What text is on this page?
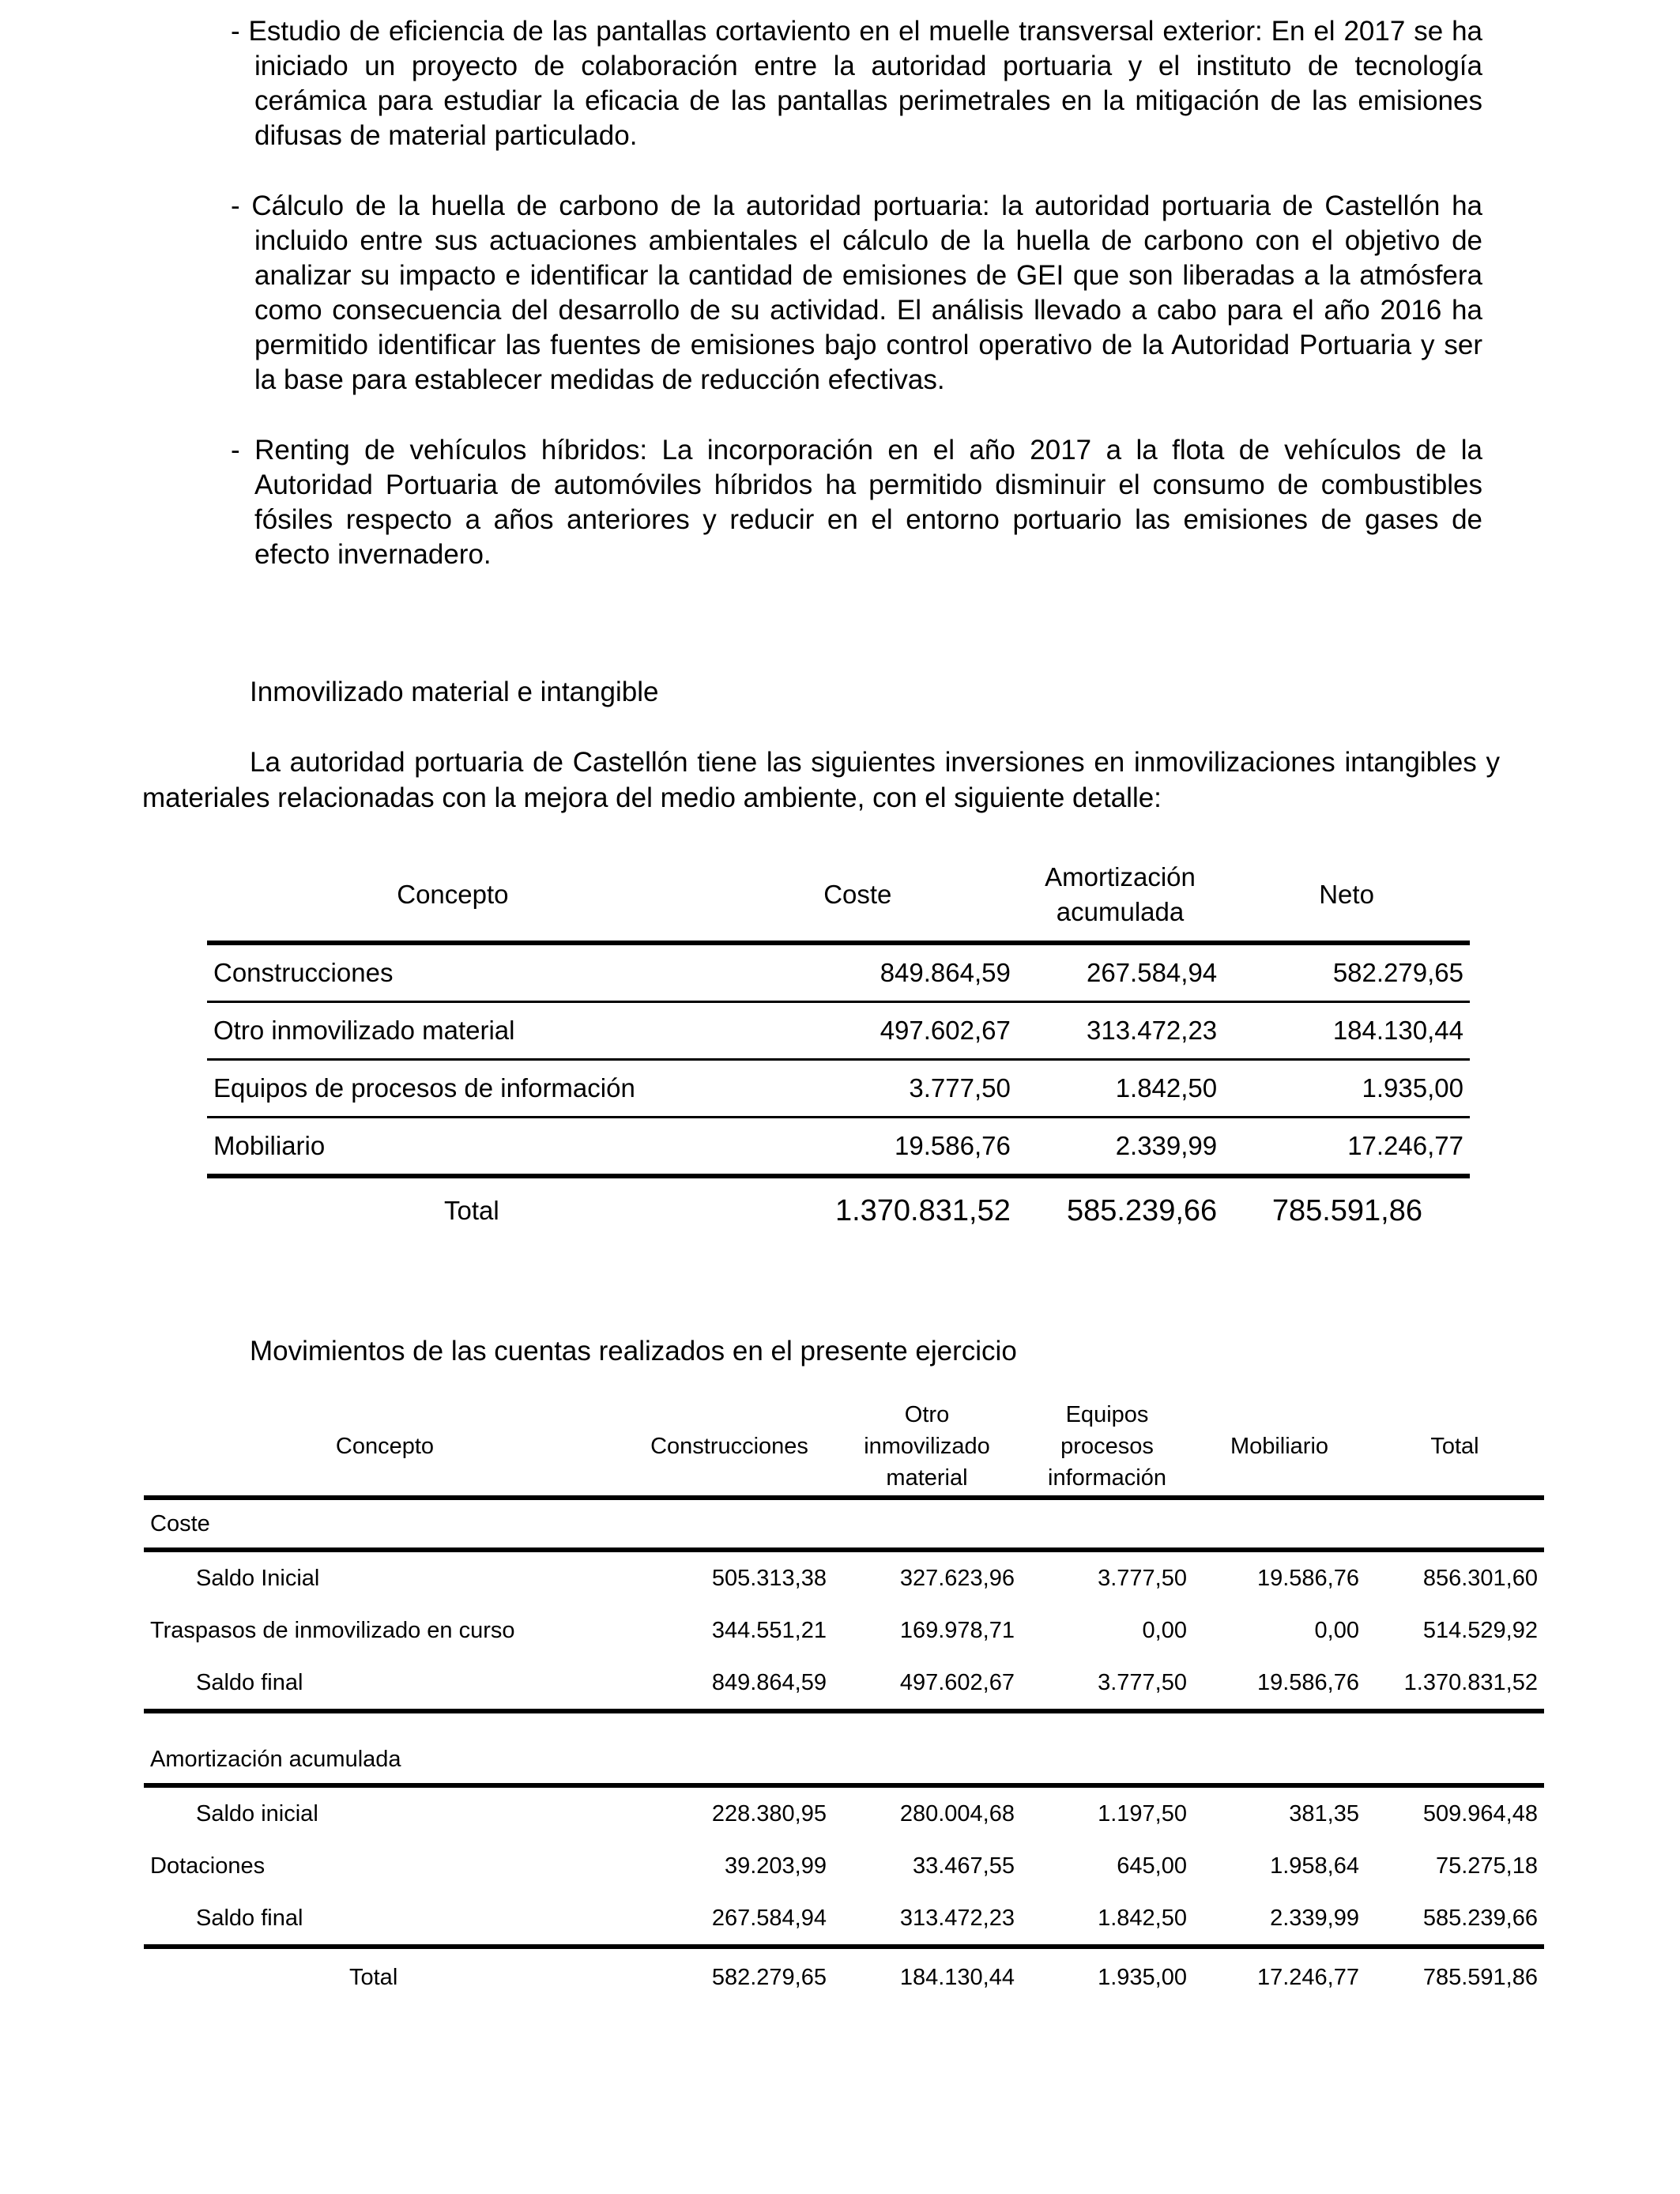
- Estudio de eficiencia de las pantallas cortaviento en el muelle transversal exterior: En el 2017 se ha iniciado un proyecto de colaboración entre la autoridad portuaria y el instituto de tecnología cerámica para estudiar la eficacia de las pantallas perimetrales en la mitigación de las emisiones difusas de material particulado.

- Cálculo de la huella de carbono de la autoridad portuaria: la autoridad portuaria de Castellón ha incluido entre sus actuaciones ambientales el cálculo de la huella de carbono con el objetivo de analizar su impacto e identificar la cantidad de emisiones de GEI que son liberadas a la atmósfera como consecuencia del desarrollo de su actividad. El análisis llevado a cabo para el año 2016 ha permitido identificar las fuentes de emisiones bajo control operativo de la Autoridad Portuaria y ser la base para establecer medidas de reducción efectivas.

- Renting de vehículos híbridos: La incorporación en el año 2017 a la flota de vehículos de la Autoridad Portuaria de automóviles híbridos ha permitido disminuir el consumo de combustibles fósiles respecto a años anteriores y reducir en el entorno portuario las emisiones de gases de efecto invernadero.

Inmovilizado material e intangible

La autoridad portuaria de Castellón tiene las siguientes inversiones en inmovilizaciones intangibles y materiales relacionadas con la mejora del medio ambiente, con el siguiente detalle:

Concepto	Coste	Amortización acumulada	Neto
Construcciones	849.864,59	267.584,94	582.279,65
Otro inmovilizado material	497.602,67	313.472,23	184.130,44
Equipos de procesos de información	3.777,50	1.842,50	1.935,00
Mobiliario	19.586,76	2.339,99	17.246,77
Total	1.370.831,52	585.239,66	785.591,86
Movimientos de las cuentas realizados en el presente ejercicio
Concepto	Construcciones	Otro inmovilizado material	Equipos procesos información	Mobiliario	Total
Coste					
Saldo Inicial	505.313,38	327.623,96	3.777,50	19.586,76	856.301,60
Traspasos de inmovilizado en curso	344.551,21	169.978,71	0,00	0,00	514.529,92
Saldo final	849.864,59	497.602,67	3.777,50	19.586,76	1.370.831,52

Amortización acumulada					
Saldo inicial	228.380,95	280.004,68	1.197,50	381,35	509.964,48
Dotaciones	39.203,99	33.467,55	645,00	1.958,64	75.275,18
Saldo final	267.584,94	313.472,23	1.842,50	2.339,99	585.239,66
Total	582.279,65	184.130,44	1.935,00	17.246,77	785.591,86
